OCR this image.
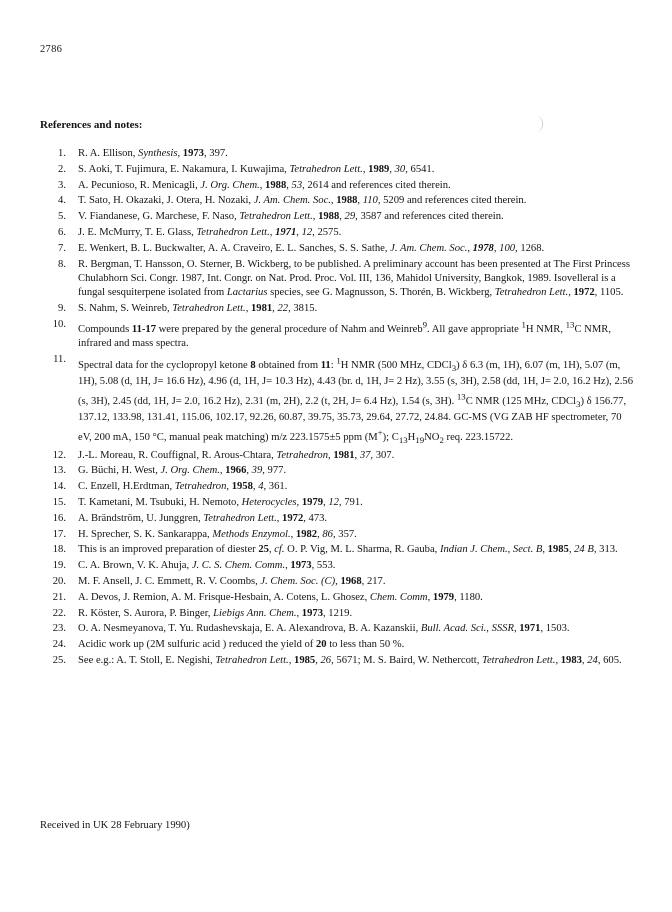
2786
References and notes:
1. R. A. Ellison, Synthesis, 1973, 397.
2. S. Aoki, T. Fujimura, E. Nakamura, I. Kuwajima, Tetrahedron Lett., 1989, 30, 6541.
3. A. Pecunioso, R. Menicagli, J. Org. Chem., 1988, 53, 2614 and references cited therein.
4. T. Sato, H. Okazaki, J. Otera, H. Nozaki, J. Am. Chem. Soc., 1988, 110, 5209 and references cited therein.
5. V. Fiandanese, G. Marchese, F. Naso, Tetrahedron Lett., 1988, 29, 3587 and references cited therein.
6. J. E. McMurry, T. E. Glass, Tetrahedron Lett., 1971, 12, 2575.
7. E. Wenkert, B. L. Buckwalter, A. A. Craveiro, E. L. Sanches, S. S. Sathe, J. Am. Chem. Soc., 1978, 100, 1268.
8. R. Bergman, T. Hansson, O. Sterner, B. Wickberg, to be published. A preliminary account has been presented at The First Princess Chulabhorn Sci. Congr. 1987, Int. Congr. on Nat. Prod. Proc. Vol. III, 136, Mahidol University, Bangkok, 1989. Isovelleral is a fungal sesquiterpene isolated from Lactarius species, see G. Magnusson, S. Thorén, B. Wickberg, Tetrahedron Lett., 1972, 1105.
9. S. Nahm, S. Weinreb, Tetrahedron Lett., 1981, 22, 3815.
10.
Compounds 11-17 were prepared by the general procedure of Nahm and Weinreb$^9$. All gave appropriate $^1$H NMR, $^{13}$C NMR, infrared and mass spectra.
11.
Spectral data for the cyclopropyl ketone 8 obtained from 11: $^1$H NMR (500 MHz, CDCl$_3$) δ 6.3 (m, 1H), 6.07 (m, 1H), 5.07 (m, 1H), 5.08 (d, 1H, J= 16.6 Hz), 4.96 (d, 1H, J= 10.3 Hz), 4.43 (br. d, 1H, J= 2 Hz), 3.55 (s, 3H), 2.58 (dd, 1H, J= 2.0, 16.2 Hz), 2.56 (s, 3H), 2.45 (dd, 1H, J= 2.0, 16.2 Hz), 2.31 (m, 2H), 2.2 (t, 2H, J= 6.4 Hz), 1.54 (s, 3H). $^{13}$C NMR (125 MHz, CDCl$_3$) δ 156.77, 137.12, 133.98, 131.41, 115.06, 102.17, 92.26, 60.87, 39.75, 35.73, 29.64, 27.72, 24.84. GC-MS (VG ZAB HF spectrometer, 70 eV, 200 mA, 150 °C, manual peak matching) m/z 223.1575±5 ppm (M+); $C_{13}H_{19}NO_2$ req. 223.15722.
12. J.-L. Moreau, R. Couffignal, R. Arous-Chtara, Tetrahedron, 1981, 37, 307.
13. G. Büchi, H. West, J. Org. Chem., 1966, 39, 977.
14. C. Enzell, H.Erdtman, Tetrahedron, 1958, 4, 361.
15. T. Kametani, M. Tsubuki, H. Nemoto, Heterocycles, 1979, 12, 791.
16. A. Brändström, U. Junggren, Tetrahedron Lett., 1972, 473.
17. H. Sprecher, S. K. Sankarappa, Methods Enzymol., 1982, 86, 357.
18. This is an improved preparation of diester 25, cf. O. P. Vig, M. L. Sharma, R. Gauba, Indian J. Chem., Sect. B, 1985, 24 B, 313.
19. C. A. Brown, V. K. Ahuja, J. C. S. Chem. Comm., 1973, 553.
20. M. F. Ansell, J. C. Emmett, R. V. Coombs, J. Chem. Soc. (C), 1968, 217.
21. A. Devos, J. Remion, A. M. Frisque-Hesbain, A. Cotens, L. Ghosez, Chem. Comm, 1979, 1180.
22. R. Köster, S. Aurora, P. Binger, Liebigs Ann. Chem., 1973, 1219.
23. O. A. Nesmeyanova, T. Yu. Rudashevskaja, E. A. Alexandrova, B. A. Kazanskii, Bull. Acad. Sci., SSSR, 1971, 1503.
24. Acidic work up (2M sulfuric acid ) reduced the yield of 20 to less than 50 %.
25. See e.g.: A. T. Stoll, E. Negishi, Tetrahedron Lett., 1985, 26, 5671; M. S. Baird, W. Nethercott, Tetrahedron Lett., 1983, 24, 605.
Received in UK 28 February 1990)
